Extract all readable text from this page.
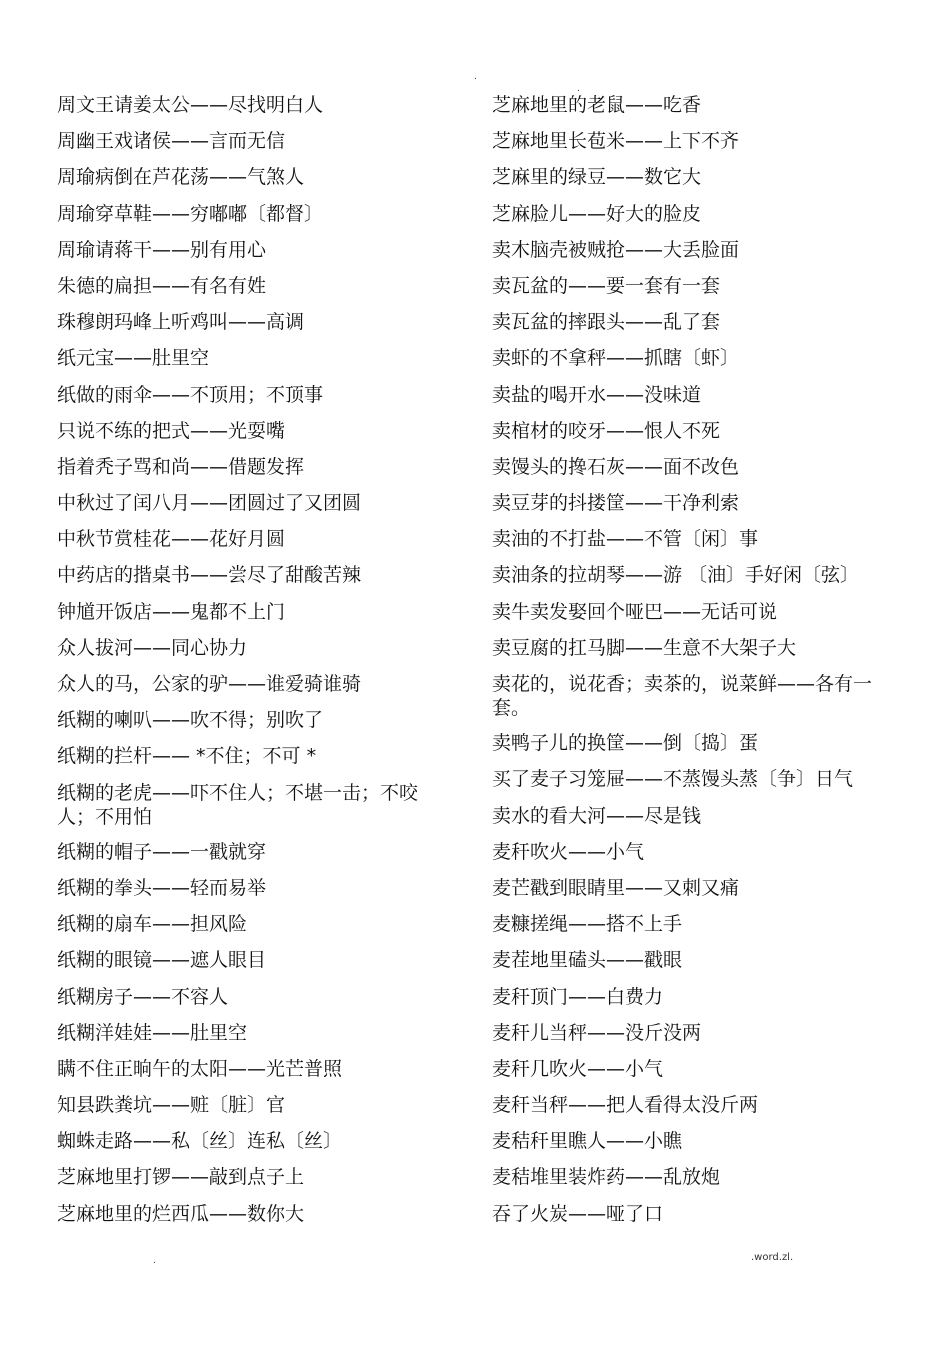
.
.
周文王请姜太公——尽找明白人
周幽王戏诸侯——言而无信
周瑜病倒在芦花荡——气煞人
周瑜穿草鞋——穷嘟嘟〔都督〕
周瑜请蒋干——别有用心
朱德的扁担——有名有姓
珠穆朗玛峰上听鸡叫——高调
纸元宝——肚里空
纸做的雨伞——不顶用；不顶事
只说不练的把式——光耍嘴
指着秃子骂和尚——借题发挥
中秋过了闰八月——团圆过了又团圆
中秋节赏桂花——花好月圆
中药店的揩桌书——尝尽了甜酸苦辣
钟馗开饭店——鬼都不上门
众人拔河——同心协力
众人的马，公家的驴——谁爱骑谁骑
纸糊的喇叭——吹不得；别吹了
纸糊的拦杆—— *不住；不可 *
纸糊的老虎——吓不住人；不堪一击；不咬人；不用怕
纸糊的帽子——一戳就穿
纸糊的拳头——轻而易举
纸糊的扇车——担风险
纸糊的眼镜——遮人眼目
纸糊房子——不容人
纸糊洋娃娃——肚里空
瞒不住正晌午的太阳——光芒普照
知县跌粪坑——赃〔脏〕官
蜘蛛走路——私〔丝〕连私〔丝〕
芝麻地里打锣——敲到点子上
芝麻地里的烂西瓜——数你大
芝麻地里的老鼠——吃香
芝麻地里长苞米——上下不齐
芝麻里的绿豆——数它大
芝麻脸儿——好大的脸皮
卖木脑壳被贼抢——大丢脸面
卖瓦盆的——要一套有一套
卖瓦盆的摔跟头——乱了套
卖虾的不拿秤——抓瞎〔虾〕
卖盐的喝开水——没味道
卖棺材的咬牙——恨人不死
卖馒头的搀石灰——面不改色
卖豆芽的抖搂筐——干净利索
卖油的不打盐——不管〔闲〕事
卖油条的拉胡琴——游 〔油〕手好闲〔弦〕
卖牛卖发娶回个哑巴——无话可说
卖豆腐的扛马脚——生意不大架子大
卖花的，说花香；卖茶的，说菜鲜——各有一套。
卖鸭子儿的换筐——倒〔捣〕蛋
买了麦子习笼屉——不蒸馒头蒸〔争〕日气
卖水的看大河——尽是钱
麦秆吹火——小气
麦芒戳到眼睛里——又刺又痛
麦糠搓绳——搭不上手
麦茬地里磕头——戳眼
麦秆顶门——白费力
麦秆儿当秤——没斤没两
麦秆几吹火——小气
麦秆当秤——把人看得太没斤两
麦秸秆里瞧人——小瞧
麦秸堆里装炸药——乱放炮
吞了火炭——哑了口
.	.word.zl.
